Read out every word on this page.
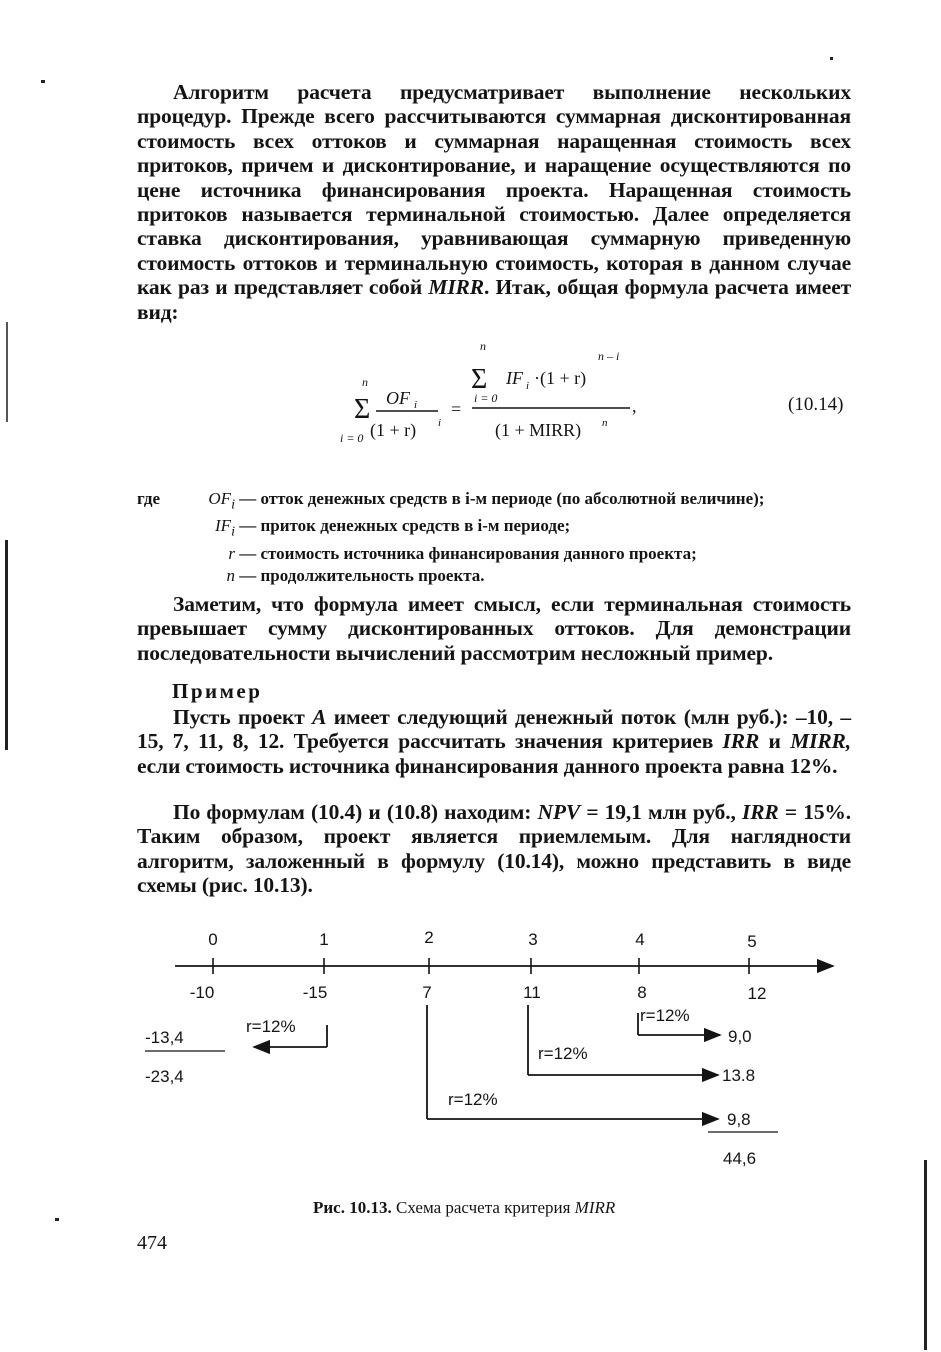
Алгоритм расчета предусматривает выполнение нескольких процедур. Прежде всего рассчитываются суммарная дисконтированная стоимость всех оттоков и суммарная наращенная стоимость всех притоков, причем и дисконтирование, и наращение осуществляются по цене источника финансирования проекта. Наращенная стоимость притоков называется терминальной стоимостью. Далее определяется ставка дисконтирования, уравнивающая суммарную приведенную стоимость оттоков и терминальную стоимость, которая в данном случае как раз и представляет собой MIRR. Итак, общая формула расчета имеет вид:

n
Σ
i = 0
OF i
(1 + r) i
=
n
Σ
i = 0
IF i ·(1 + r)
n – i
(1 + MIRR) n
,	(10.14)
где	$OF_i$ — отток денежных средств в i-м периоде (по абсолютной величине);
$IF_i$ — приток денежных средств в i-м периоде;
r — стоимость источника финансирования данного проекта;
n — продолжительность проекта.

Заметим, что формула имеет смысл, если терминальная стоимость превышает сумму дисконтированных оттоков. Для демонстрации последовательности вычислений рассмотрим несложный пример.

Пример

Пусть проект A имеет следующий денежный поток (млн руб.): –10, –15, 7, 11, 8, 12. Требуется рассчитать значения критериев IRR и MIRR, если стоимость источника финансирования данного проекта равна 12%.

По формулам (10.4) и (10.8) находим: NPV = 19,1 млн руб., IRR = 15%. Таким образом, проект является приемлемым. Для наглядности алгоритм, заложенный в формулу (10.14), можно представить в виде схемы (рис. 10.13).

0	1	2	3	4	5
-10	-15	7	11	8	12
-13,4
-23,4
r=12%
r=12%
r=12%
r=12%
9,0
13.8
9,8
44,6
Рис. 10.13. Схема расчета критерия MIRR
474
